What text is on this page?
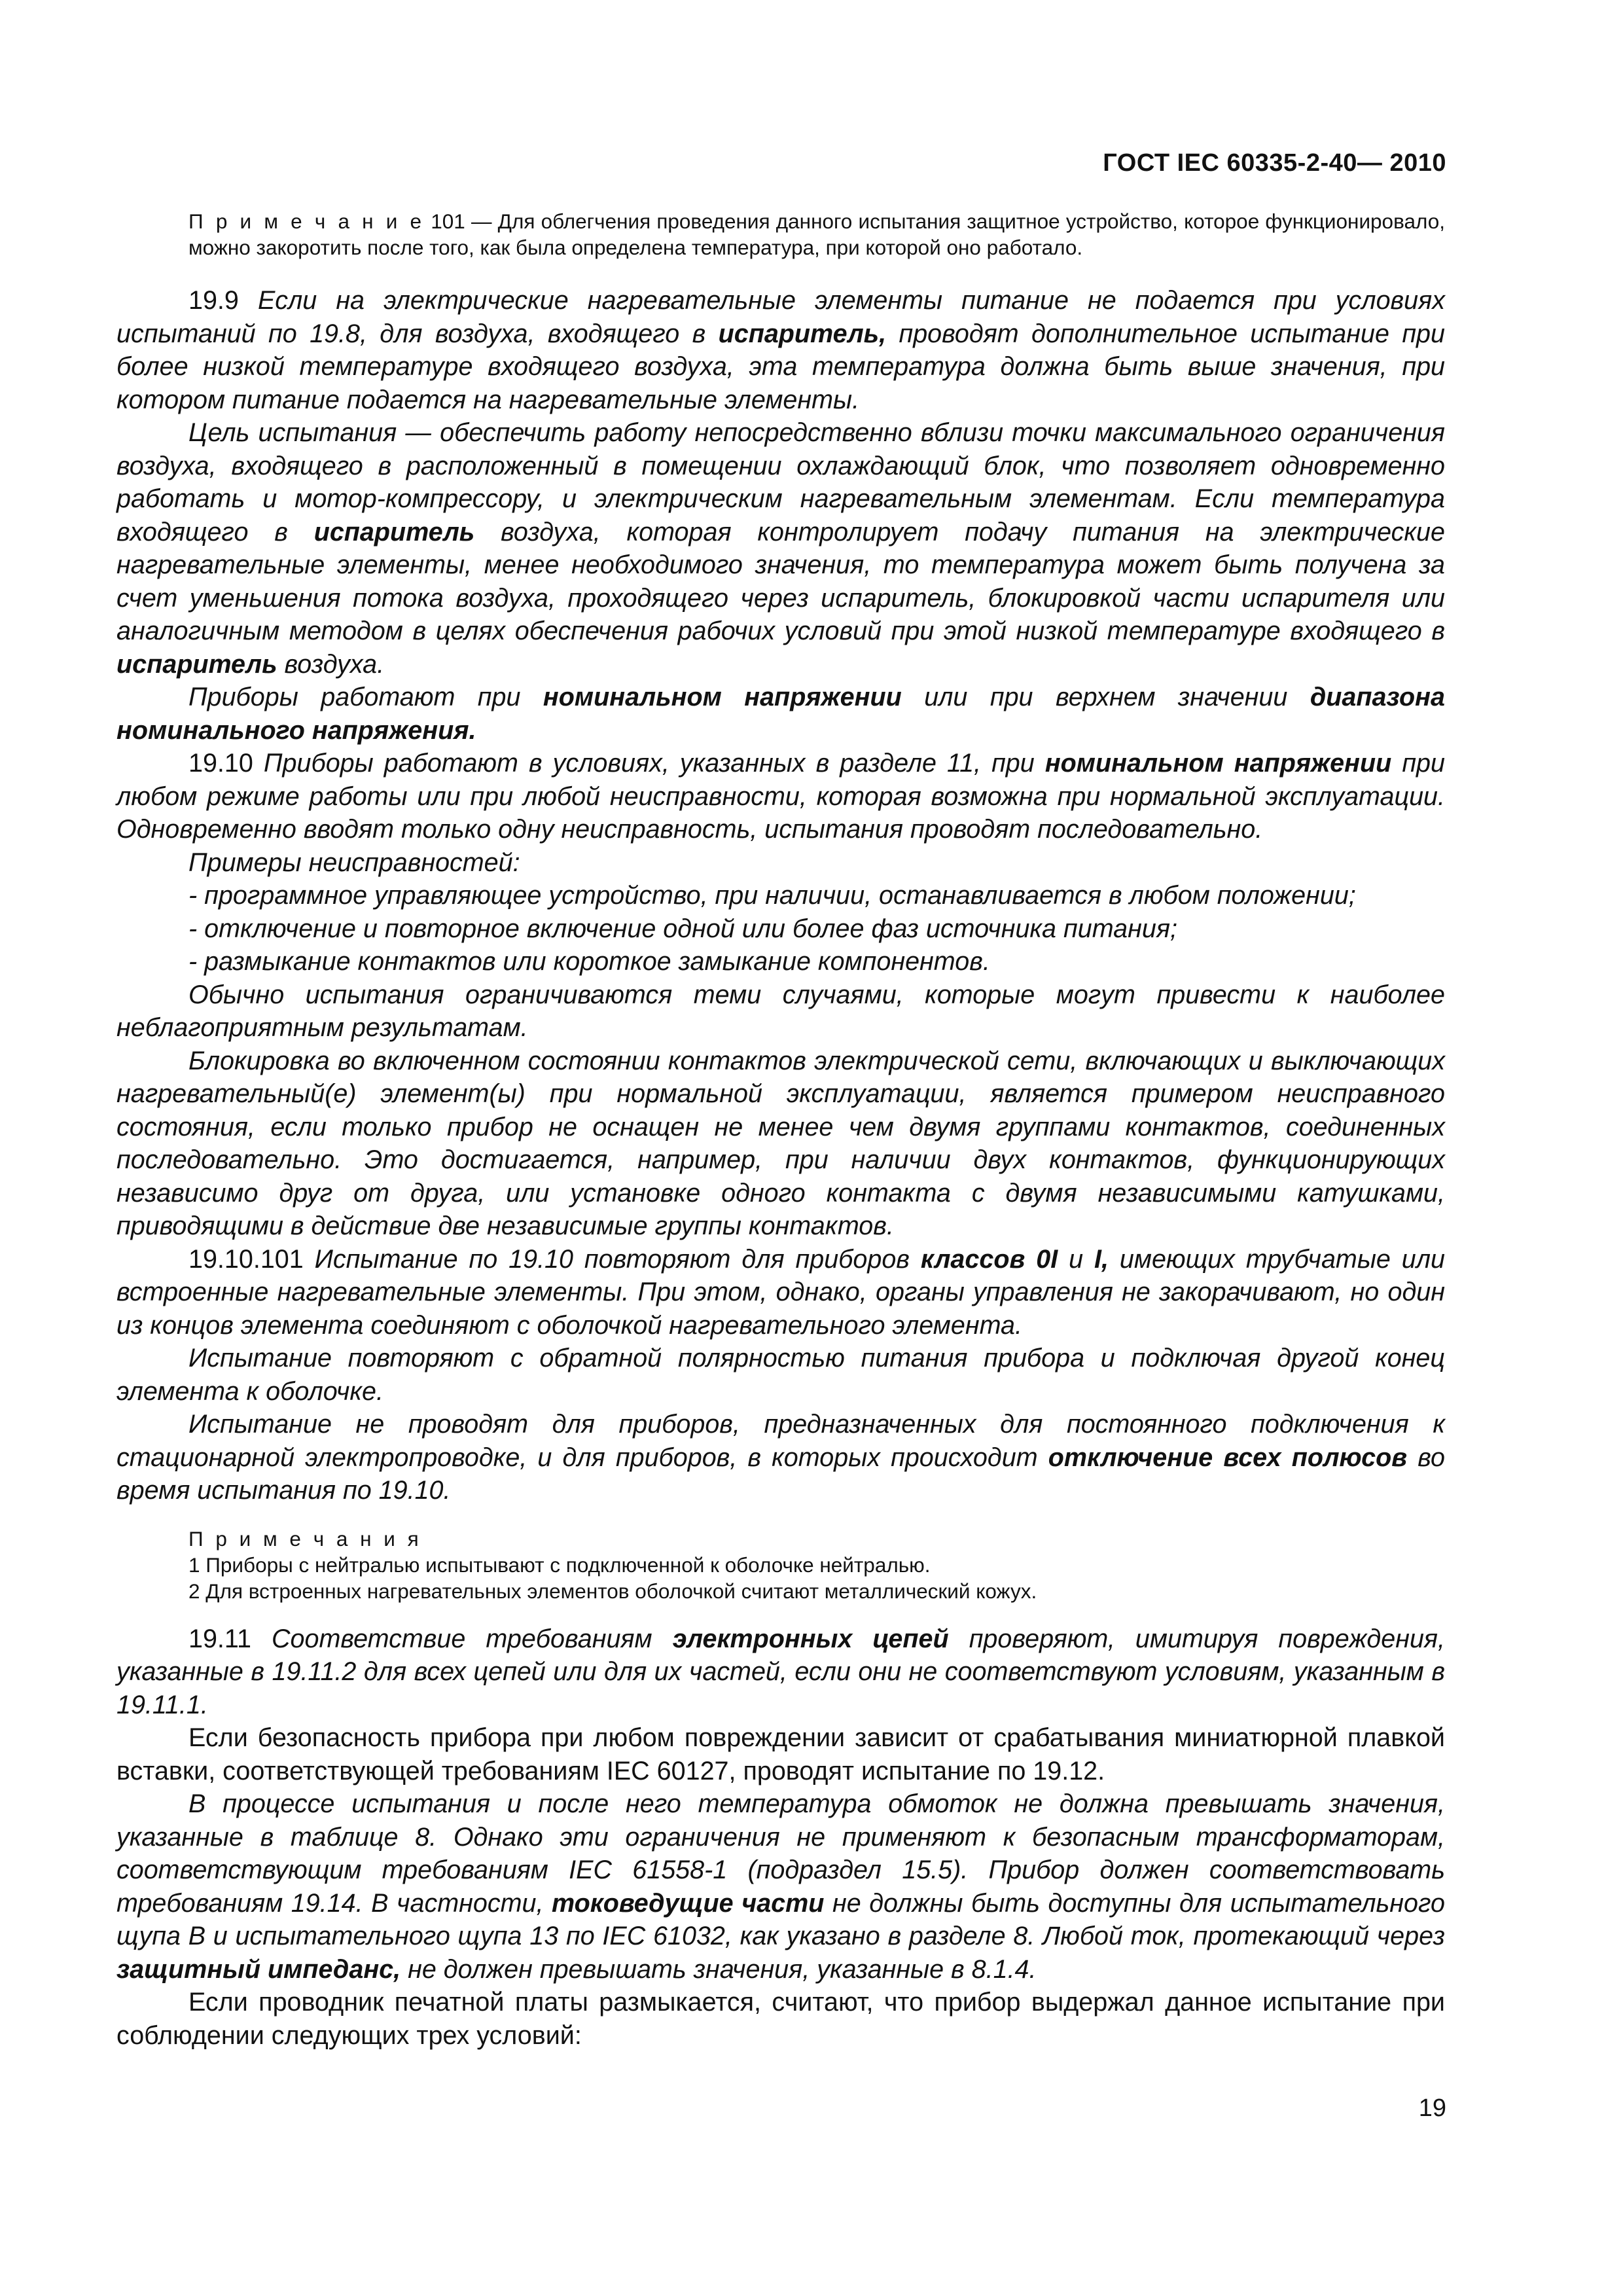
ГОСТ IEC 60335-2-40— 2010

П р и м е ч а н и е 101 — Для облегчения проведения данного испытания защитное устройство, которое функционировало, можно закоротить после того, как была определена температура, при которой оно работало.

19.9 Если на электрические нагревательные элементы питание не подается при условиях испытаний по 19.8, для воздуха, входящего в испаритель, проводят дополнительное испытание при более низкой температуре входящего воздуха, эта температура должна быть выше значения, при котором питание подается на нагревательные элементы.

Цель испытания — обеспечить работу непосредственно вблизи точки максимального ограничения воздуха, входящего в расположенный в помещении охлаждающий блок, что позволяет одновременно работать и мотор-компрессору, и электрическим нагревательным элементам. Если температура входящего в испаритель воздуха, которая контролирует подачу питания на электрические нагревательные элементы, менее необходимого значения, то температура может быть получена за счет уменьшения потока воздуха, проходящего через испаритель, блокировкой части испарителя или аналогичным методом в целях обеспечения рабочих условий при этой низкой температуре входящего в испаритель воздуха.

Приборы работают при номинальном напряжении или при верхнем значении диапазона номинального напряжения.

19.10 Приборы работают в условиях, указанных в разделе 11, при номинальном напряжении при любом режиме работы или при любой неисправности, которая возможна при нормальной эксплуатации. Одновременно вводят только одну неисправность, испытания проводят последовательно.

Примеры неисправностей:

- программное управляющее устройство, при наличии, останавливается в любом положении;

- отключение и повторное включение одной или более фаз источника питания;

- размыкание контактов или короткое замыкание компонентов.

Обычно испытания ограничиваются теми случаями, которые могут привести к наиболее неблагоприятным результатам.

Блокировка во включенном состоянии контактов электрической сети, включающих и выключающих нагревательный(е) элемент(ы) при нормальной эксплуатации, является примером неисправного состояния, если только прибор не оснащен не менее чем двумя группами контактов, соединенных последовательно. Это достигается, например, при наличии двух контактов, функционирующих независимо друг от друга, или установке одного контакта с двумя независимыми катушками, приводящими в действие две независимые группы контактов.

19.10.101 Испытание по 19.10 повторяют для приборов классов 0I и I, имеющих трубчатые или встроенные нагревательные элементы. При этом, однако, органы управления не закорачивают, но один из концов элемента соединяют с оболочкой нагревательного элемента.

Испытание повторяют с обратной полярностью питания прибора и подключая другой конец элемента к оболочке.

Испытание не проводят для приборов, предназначенных для постоянного подключения к стационарной электропроводке, и для приборов, в которых происходит отключение всех полюсов во время испытания по 19.10.

П р и м е ч а н и я

1 Приборы с нейтралью испытывают с подключенной к оболочке нейтралью.

2 Для встроенных нагревательных элементов оболочкой считают металлический кожух.

19.11 Соответствие требованиям электронных цепей проверяют, имитируя повреждения, указанные в 19.11.2 для всех цепей или для их частей, если они не соответствуют условиям, указанным в 19.11.1.

Если безопасность прибора при любом повреждении зависит от срабатывания миниатюрной плавкой вставки, соответствующей требованиям IEC 60127, проводят испытание по 19.12.

В процессе испытания и после него температура обмоток не должна превышать значения, указанные в таблице 8. Однако эти ограничения не применяют к безопасным трансформаторам, соответствующим требованиям IEC 61558-1 (подраздел 15.5). Прибор должен соответствовать требованиям 19.14. В частности, токоведущие части не должны быть доступны для испытательного щупа B и испытательного щупа 13 по IEC 61032, как указано в разделе 8. Любой ток, протекающий через защитный импеданс, не должен превышать значения, указанные в 8.1.4.

Если проводник печатной платы размыкается, считают, что прибор выдержал данное испытание при соблюдении следующих трех условий:

19
